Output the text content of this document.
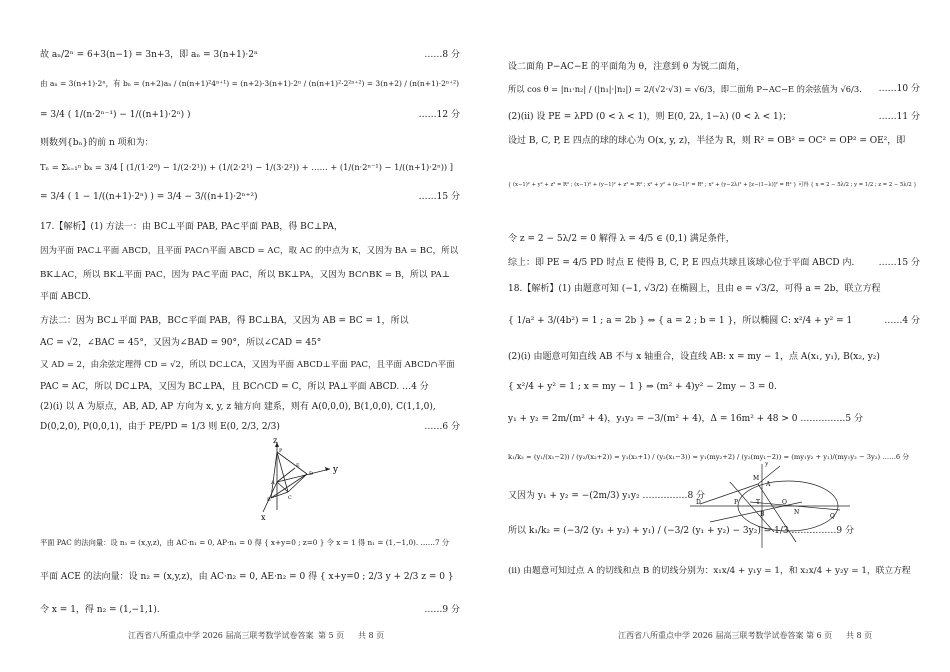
故 aₙ/2ⁿ = 6+3(n−1) = 3n+3，即 aₙ = 3(n+1)·2ⁿ	……8 分
由 aₙ = 3(n+1)·2ⁿ，有 bₙ = (n+2)aₙ / (n(n+1)²4ⁿ⁺¹) = (n+2)·3(n+1)·2ⁿ / (n(n+1)²·2²ⁿ⁺²) = 3(n+2) / (n(n+1)·2ⁿ⁺²)
= 3/4 ( 1/(n·2ⁿ⁻¹) − 1/((n+1)·2ⁿ) )	……12 分
则数列{bₙ}的前 n 项和为：
Tₙ = Σₖ₌₁ⁿ bₖ = 3/4 [ (1/(1·2⁰) − 1/(2·2¹)) + (1/(2·2¹) − 1/(3·2²)) + …… + (1/(n·2ⁿ⁻¹) − 1/((n+1)·2ⁿ)) ]
= 3/4 ( 1 − 1/((n+1)·2ⁿ) ) = 3/4 − 3/((n+1)·2ⁿ⁺²)	……15 分
17.【解析】(1) 方法一：由 BC⊥平面 PAB, PA⊂平面 PAB，得 BC⊥PA，
因为平面 PAC⊥平面 ABCD，且平面 PAC∩平面 ABCD = AC，取 AC 的中点为 K，又因为 BA = BC，所以
BK⊥AC，所以 BK⊥平面 PAC，因为 PA⊂平面 PAC，所以 BK⊥PA，又因为 BC∩BK = B，所以 PA⊥
平面 ABCD.
方法二：因为 BC⊥平面 PAB，BC⊂平面 PAB，得 BC⊥BA，又因为 AB = BC = 1，所以
AC = √2，∠BAC = 45°，又因为∠BAD = 90°，所以∠CAD = 45°
又 AD = 2，由余弦定理得 CD = √2，所以 DC⊥CA，又因为平面 ABCD⊥平面 PAC，且平面 ABCD∩平面
PAC = AC，所以 DC⊥PA，又因为 BC⊥PA，且 BC∩CD = C，所以 PA⊥平面 ABCD. …4 分
(2)(i) 以 A 为原点，AB, AD, AP 方向为 x, y, z 轴方向 建系，则有 A(0,0,0), B(1,0,0), C(1,1,0),
D(0,2,0), P(0,0,1)，由于 PE/PD = 1/3 则 E(0, 2/3, 2/3)	……6 分
平面 PAC 的法向量：设 n₁ = (x,y,z)，由 AC·n₁ = 0, AP·n₁ = 0 得 { x+y=0 ; z=0 } 令 x = 1 得 n₁ = (1,−1,0). ……7 分
平面 ACE 的法向量：设 n₂ = (x,y,z)，由 AC·n₂ = 0, AE·n₂ = 0 得 { x+y=0 ; 2/3 y + 2/3 z = 0 }
令 x = 1，得 n₂ = (1,−1,1).	……9 分
设二面角 P−AC−E 的平面角为 θ，注意到 θ 为锐二面角，
所以 cos θ = |n₁·n₂| / (|n₁|·|n₂|) = 2/(√2·√3) = √6/3，即二面角 P−AC−E 的余弦值为 √6/3. ……10 分
(2)(ii) 设 PE = λPD (0 < λ < 1)，则 E(0, 2λ, 1−λ) (0 < λ < 1)；	……11 分
设过 B, C, P, E 四点的球的球心为 O(x, y, z)，半径为 R，则 R² = OB² = OC² = OP² = OE²，即
{ (x−1)² + y² + z² = R² ; (x−1)² + (y−1)² + z² = R² ; x² + y² + (z−1)² = R² ; x² + (y−2λ)² + [z−(1−λ)]² = R² } 可得 { x = 2 − 5λ/2 ; y = 1/2 ; z = 2 − 5λ/2 }
令 z = 2 − 5λ/2 = 0 解得 λ = 4/5 ∈ (0,1) 满足条件，
综上：即 PE = 4/5 PD 时点 E 使得 B, C, P, E 四点共球且该球心位于平面 ABCD 内.	……15 分
18.【解析】(1) 由题意可知 (−1, √3/2) 在椭圆上，且由 e = √3/2，可得 a = 2b，联立方程
{ 1/a² + 3/(4b²) = 1 ; a = 2b } ⇔ { a = 2 ; b = 1 }，所以椭圆 C: x²/4 + y² = 1	……4 分
(2)(i) 由题意可知直线 AB 不与 x 轴重合，设直线 AB: x = my − 1，点 A(x₁, y₁), B(x₂, y₂)
{ x²/4 + y² = 1 ; x = my − 1 } ⇒ (m² + 4)y² − 2my − 3 = 0.
y₁ + y₂ = 2m/(m² + 4)，y₁y₂ = −3/(m² + 4)，Δ = 16m² + 48 > 0 ……………5 分
k₁/k₂ = (y₁/(x₁−2)) / (y₂/(x₂+2)) = y₁(x₂+1) / (y₂(x₁−3)) = y₁(my₂+2) / (y₂(my₁−2)) = (my₁y₂ + y₁)/(my₁y₂ − 3y₂) ……6 分
又因为 y₁ + y₂ = −(2m/3) y₁y₂ ……………8 分
所以 k₁/k₂ = (−3/2 (y₁ + y₂) + y₁) / (−3/2 (y₁ + y₂) − 3y₂) = 1/3 ……………9 分
(ii) 由题意可知过点 A 的切线和点 B 的切线分别为：x₁x/4 + y₁y = 1，和 x₂x/4 + y₂y = 1，联立方程
z
y
x
P
E
A
D
B	C
M
A
y
D	P	T	O
N
B	Q
江西省八所重点中学 2026 届高三联考数学试卷答案 第 5 页 共 8 页	江西省八所重点中学 2026 届高三联考数学试卷答案 第 6 页 共 8 页
